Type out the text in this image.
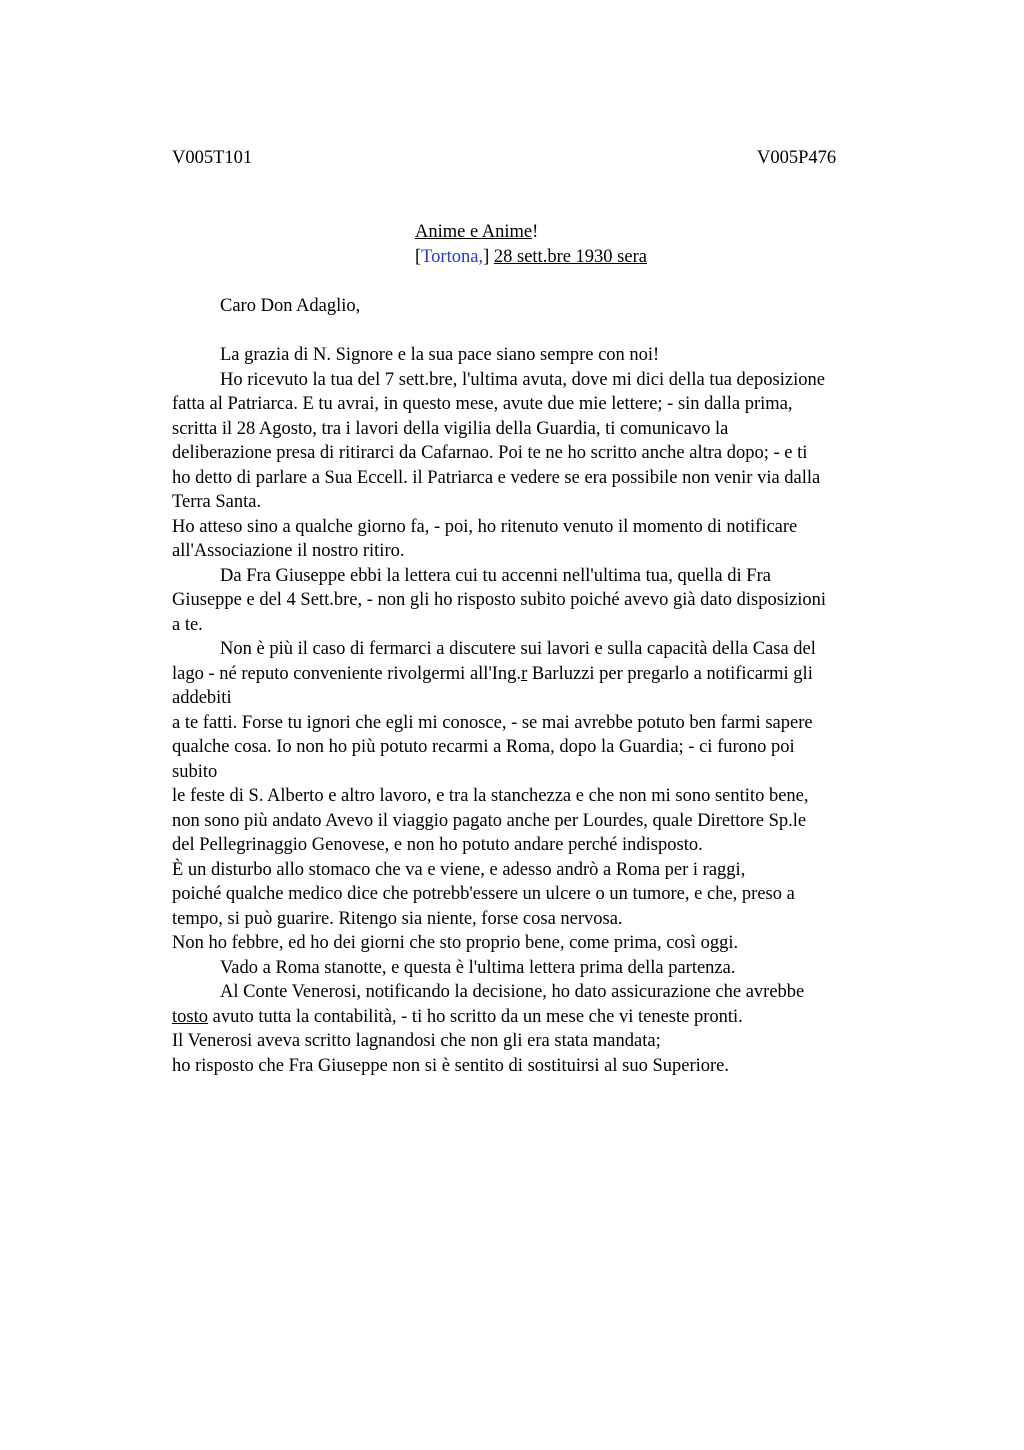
V005T101	V005P476
Anime e Anime!
[Tortona,] 28 sett.bre 1930 sera
Caro Don Adaglio,
La grazia di N. Signore e la sua pace siano sempre con noi!
Ho ricevuto la tua del 7 sett.bre, l'ultima avuta, dove mi dici della tua deposizione
fatta al Patriarca. E tu avrai, in questo mese, avute due mie lettere; - sin dalla prima,
scritta il 28 Agosto, tra i lavori della vigilia della Guardia, ti comunicavo la
deliberazione presa di ritirarci da Cafarnao. Poi te ne ho scritto anche altra dopo; - e ti
ho detto di parlare a Sua Eccell. il Patriarca e vedere se era possibile non venir via dalla
Terra Santa.
Ho atteso sino a qualche giorno fa, - poi, ho ritenuto venuto il momento di notificare
all'Associazione il nostro ritiro.
Da Fra Giuseppe ebbi la lettera cui tu accenni nell'ultima tua, quella di Fra
Giuseppe e del 4 Sett.bre, - non gli ho risposto subito poiché avevo già dato disposizioni
a te.
Non è più il caso di fermarci a discutere sui lavori e sulla capacità della Casa del
lago - né reputo conveniente rivolgermi all'Ing.r Barluzzi per pregarlo a notificarmi gli
addebiti
a te fatti. Forse tu ignori che egli mi conosce, - se mai avrebbe potuto ben farmi sapere
qualche cosa. Io non ho più potuto recarmi a Roma, dopo la Guardia; - ci furono poi
subito
le feste di S. Alberto e altro lavoro, e tra la stanchezza e che non mi sono sentito bene,
non sono più andato Avevo il viaggio pagato anche per Lourdes, quale Direttore Sp.le
del Pellegrinaggio Genovese, e non ho potuto andare perché indisposto.
È un disturbo allo stomaco che va e viene, e adesso andrò a Roma per i raggi,
poiché qualche medico dice che potrebb'essere un ulcere o un tumore, e che, preso a
tempo, si può guarire. Ritengo sia niente, forse cosa nervosa.
Non ho febbre, ed ho dei giorni che sto proprio bene, come prima, così oggi.
Vado a Roma stanotte, e questa è l'ultima lettera prima della partenza.
Al Conte Venerosi, notificando la decisione, ho dato assicurazione che avrebbe
tosto avuto tutta la contabilità, - ti ho scritto da un mese che vi teneste pronti.
Il Venerosi aveva scritto lagnandosi che non gli era stata mandata;
ho risposto che Fra Giuseppe non si è sentito di sostituirsi al suo Superiore.
